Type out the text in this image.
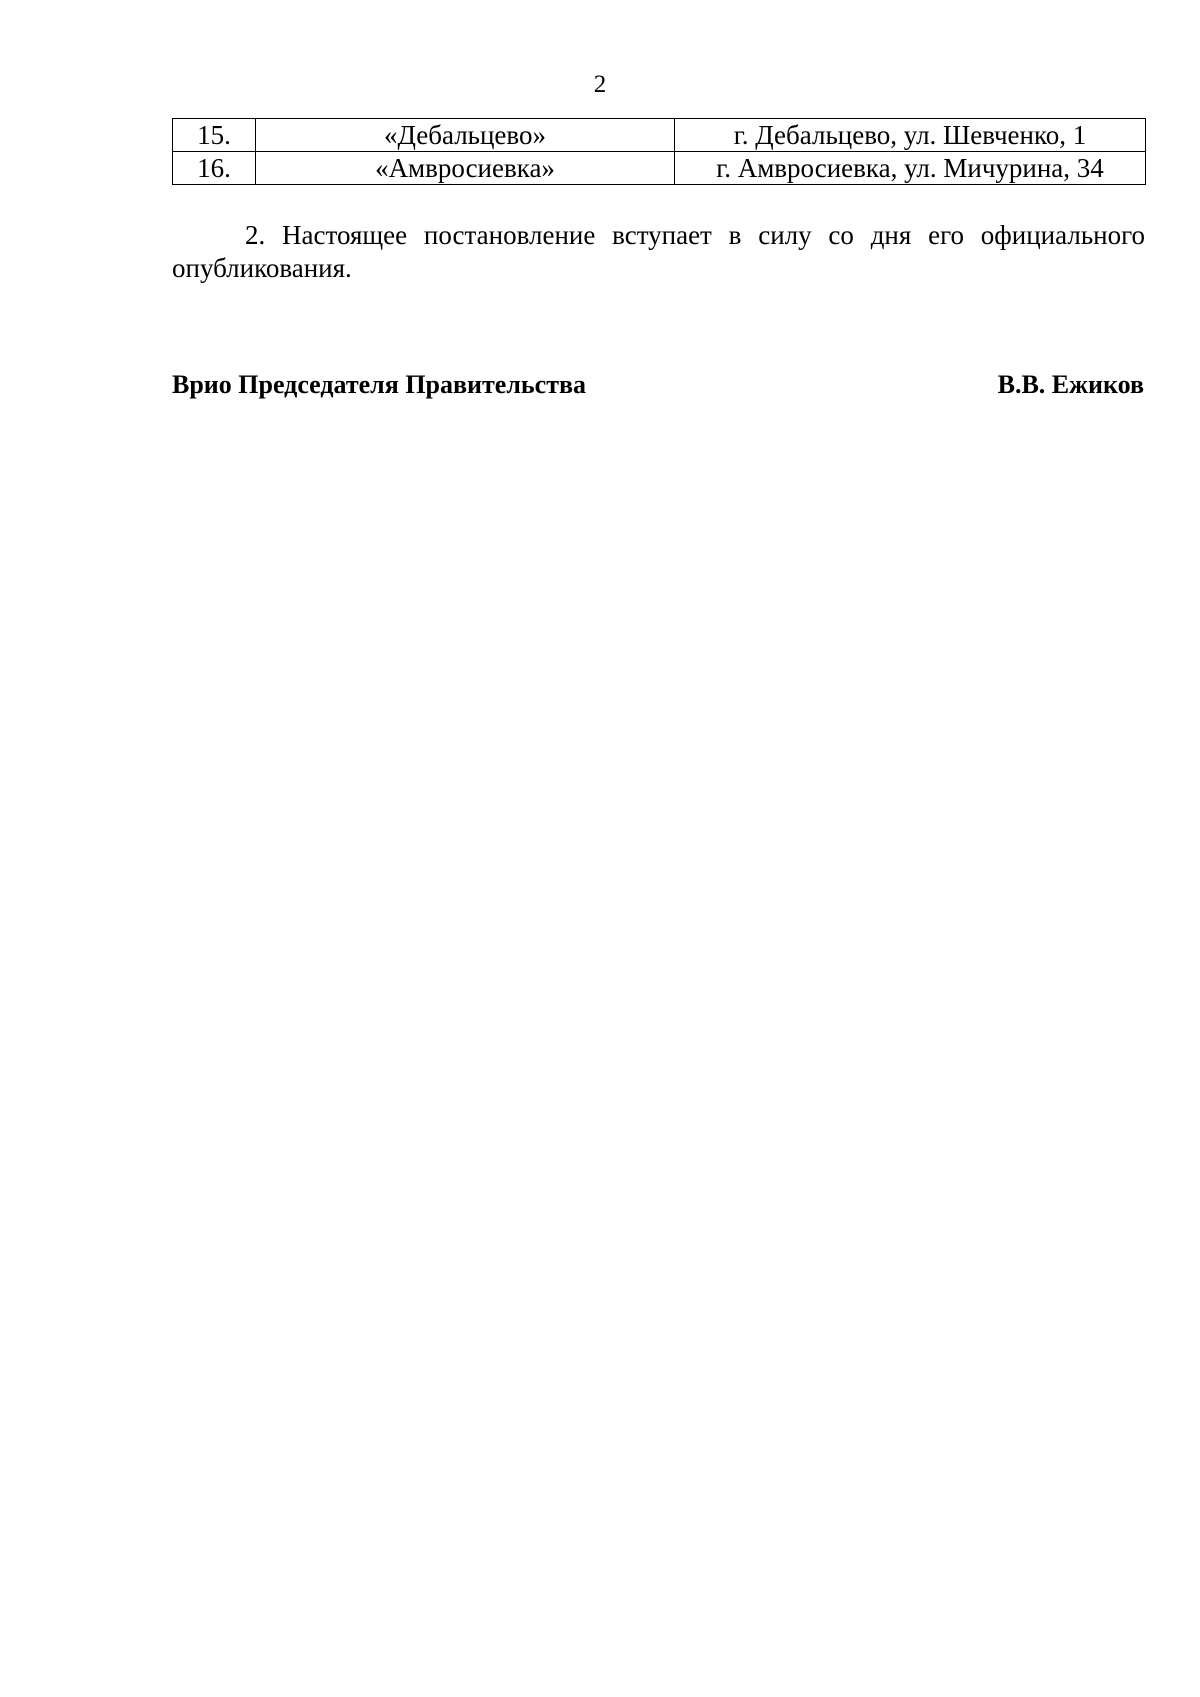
2
15.	«Дебальцево»	г. Дебальцево, ул. Шевченко, 1
16.	«Амвросиевка»	г. Амвросиевка, ул. Мичурина, 34

2. Настоящее постановление вступает в силу со дня его официального опубликования.

Врио Председателя Правительства	В.В. Ежиков
